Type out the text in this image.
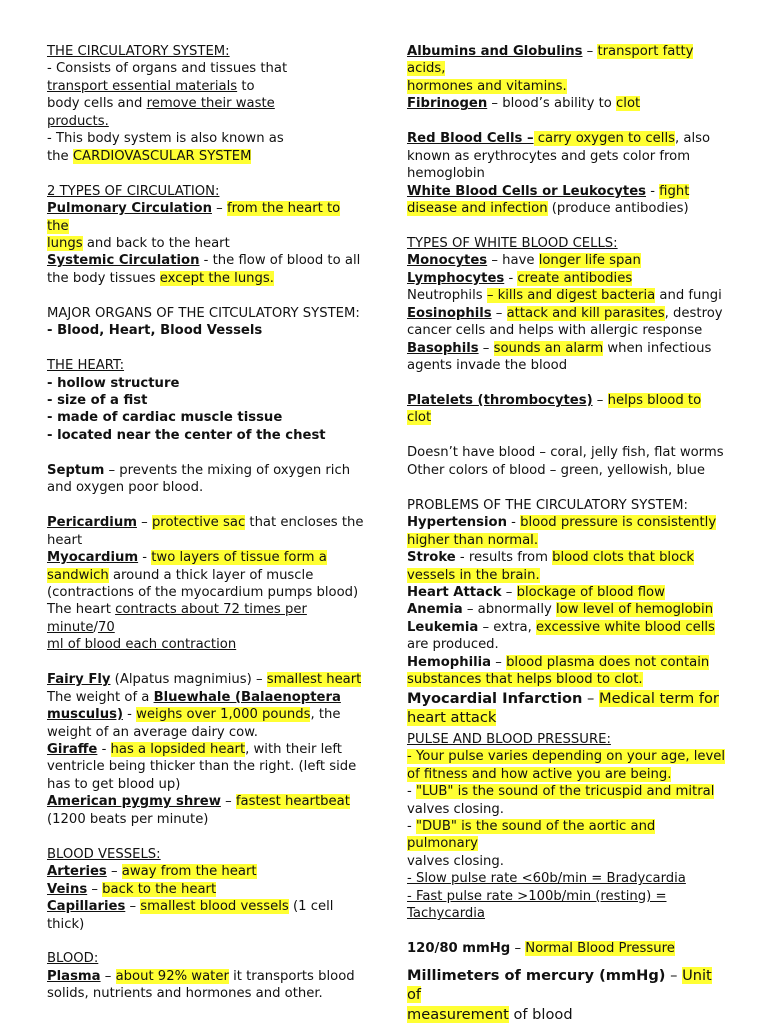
THE CIRCULATORY SYSTEM:

- Consists of organs and tissues that

transport essential materials to

body cells and remove their waste

products.

- This body system is also known as

the CARDIOVASCULAR SYSTEM

2 TYPES OF CIRCULATION:

Pulmonary Circulation – from the heart to the

lungs and back to the heart

Systemic Circulation - the flow of blood to all

the body tissues except the lungs.

MAJOR ORGANS OF THE CITCULATORY SYSTEM:

- Blood, Heart, Blood Vessels

THE HEART:

- hollow structure

- size of a fist

- made of cardiac muscle tissue

- located near the center of the chest

Septum – prevents the mixing of oxygen rich

and oxygen poor blood.

Pericardium – protective sac that encloses the

heart

Myocardium - two layers of tissue form a

sandwich around a thick layer of muscle

(contractions of the myocardium pumps blood)

The heart contracts about 72 times per minute/70

ml of blood each contraction

Fairy Fly (Alpatus magnimius) – smallest heart

The weight of a Bluewhale (Balaenoptera

musculus) - weighs over 1,000 pounds, the

weight of an average dairy cow.

Giraffe - has a lopsided heart, with their left

ventricle being thicker than the right. (left side

has to get blood up)

American pygmy shrew – fastest heartbeat

(1200 beats per minute)

BLOOD VESSELS:

Arteries – away from the heart

Veins – back to the heart

Capillaries – smallest blood vessels (1 cell thick)

BLOOD:

Plasma – about 92% water it transports blood

solids, nutrients and hormones and other.

Albumins and Globulins – transport fatty acids,

hormones and vitamins.

Fibrinogen – blood’s ability to clot

Red Blood Cells – carry oxygen to cells, also

known as erythrocytes and gets color from

hemoglobin

White Blood Cells or Leukocytes - fight

disease and infection (produce antibodies)

TYPES OF WHITE BLOOD CELLS:

Monocytes – have longer life span

Lymphocytes - create antibodies

Neutrophils – kills and digest bacteria and fungi

Eosinophils – attack and kill parasites, destroy

cancer cells and helps with allergic response

Basophils – sounds an alarm when infectious

agents invade the blood

Platelets (thrombocytes) – helps blood to clot

Doesn’t have blood – coral, jelly fish, flat worms

Other colors of blood – green, yellowish, blue

PROBLEMS OF THE CIRCULATORY SYSTEM:

Hypertension - blood pressure is consistently

higher than normal.

Stroke - results from blood clots that block

vessels in the brain.

Heart Attack – blockage of blood flow

Anemia – abnormally low level of hemoglobin

Leukemia – extra, excessive white blood cells

are produced.

Hemophilia – blood plasma does not contain

substances that helps blood to clot.

Myocardial Infarction – Medical term for

heart attack

PULSE AND BLOOD PRESSURE:

- Your pulse varies depending on your age, level

of fitness and how active you are being.

- "LUB" is the sound of the tricuspid and mitral

valves closing.

- "DUB" is the sound of the aortic and pulmonary

valves closing.

- Slow pulse rate <60b/min = Bradycardia

- Fast pulse rate >100b/min (resting) =

Tachycardia

120/80 mmHg – Normal Blood Pressure

Millimeters of mercury (mmHg) – Unit of

measurement of blood
